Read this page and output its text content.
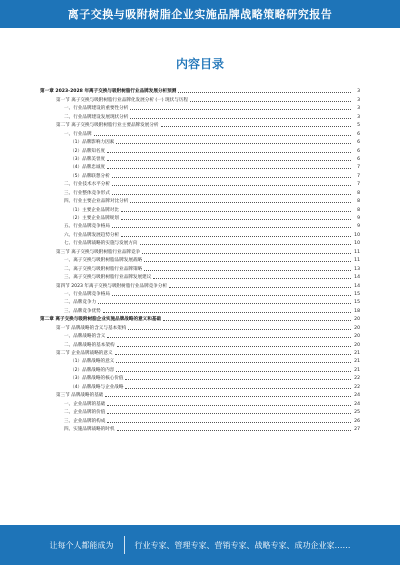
离子交换与吸附树脂企业实施品牌战略策略研究报告
内容目录
第一章 2023-2028 年离子交换与吸附树脂行业品牌发展分析预测	3
第一节 离子交换与吸附树脂行业品牌化发展分析 (一) 现状与历程	3
一、行业品牌建设的重要性分析	3
二、行业品牌建设发展现状分析	3
第二节 离子交换与吸附树脂行业主要品牌发展分析	5
一、行业品牌	6
（1）品牌影响力因素	6
（2）品牌知名度	6
（3）品牌美誉度	6
（4）品牌忠诚度	7
（5）品牌联想分析	7
二、行业技术水平分析	7
三、行业整体竞争形式	8
四、行业主要企业品牌对比分析	8
（1）主要企业品牌对比	8
（2）主要企业品牌规划	9
五、行业品牌竞争格局	9
六、行业品牌发展趋势分析	10
七、行业品牌战略的实施与发展方向	10
第三节 离子交换与吸附树脂行业品牌竞争	11
一、离子交换与吸附树脂品牌发展战略	11
二、离子交换与吸附树脂行业品牌策略	13
三、离子交换与吸附树脂行业品牌发展建议	14
第四节 2023 年离子交换与吸附树脂行业品牌竞争分析	14
一、行业品牌竞争格局	15
二、品牌竞争力	15
三、品牌竞争优势	18
第二章 离子交换与吸附树脂企业实施品牌战略的意义和基础	20
第一节 品牌战略的含义与基本架构	20
一、品牌战略的含义	20
二、品牌战略的基本架构	20
第二节 企业品牌战略的意义	21
（1）品牌战略的意义	21
（2）品牌战略的内容	21
（3）品牌战略的核心价值	22
（4）品牌战略与企业战略	22
第三节 品牌战略的基础	24
一、企业品牌的基础	24
二、企业品牌的价值	25
三、企业品牌的构成	26
四、实施品牌战略的时机	27
让每个人都能成为	行业专家、管理专家、营销专家、战略专家、成功企业家……
